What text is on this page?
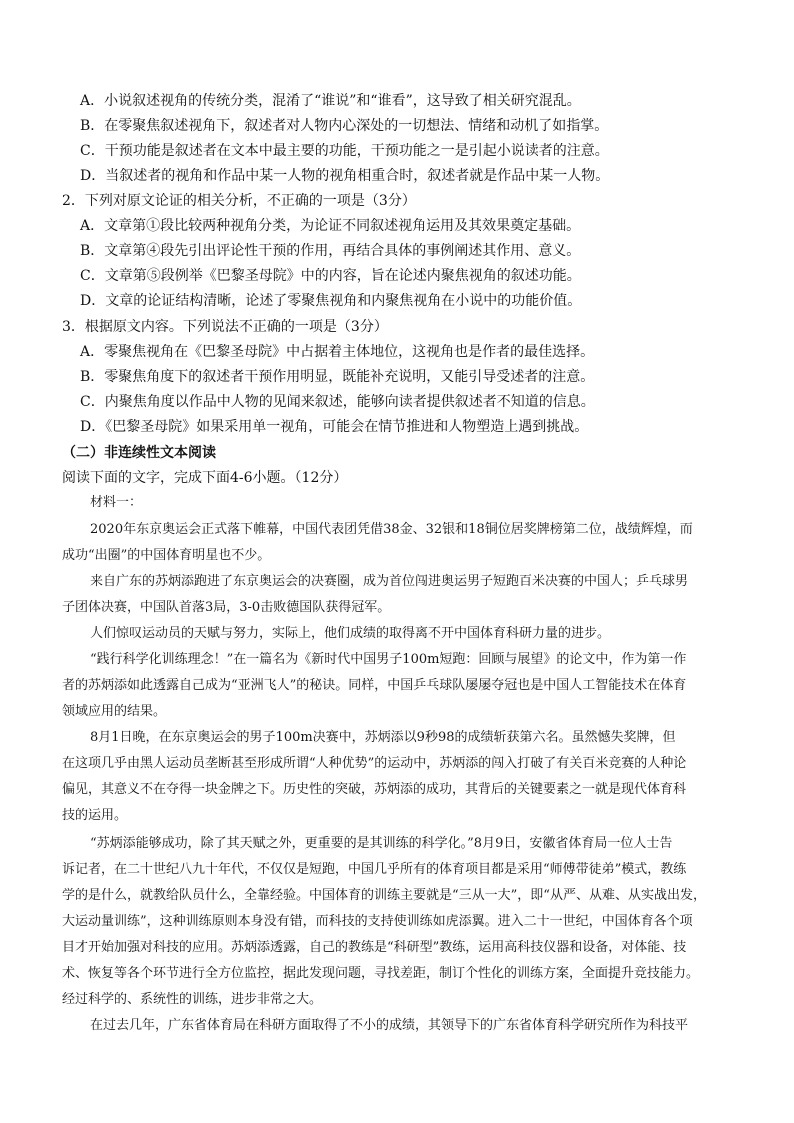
A．小说叙述视角的传统分类，混淆了“谁说”和“谁看”，这导致了相关研究混乱。
B．在零聚焦叙述视角下，叙述者对人物内心深处的一切想法、情绪和动机了如指掌。
C．干预功能是叙述者在文本中最主要的功能，干预功能之一是引起小说读者的注意。
D．当叙述者的视角和作品中某一人物的视角相重合时，叙述者就是作品中某一人物。
2．下列对原文论证的相关分析，不正确的一项是（3分）
A．文章第①段比较两种视角分类，为论证不同叙述视角运用及其效果奠定基础。
B．文章第④段先引出评论性干预的作用，再结合具体的事例阐述其作用、意义。
C．文章第⑤段例举《巴黎圣母院》中的内容，旨在论述内聚焦视角的叙述功能。
D．文章的论证结构清晰，论述了零聚焦视角和内聚焦视角在小说中的功能价值。
3．根据原文内容。下列说法不正确的一项是（3分）
A．零聚焦视角在《巴黎圣母院》中占据着主体地位，这视角也是作者的最佳选择。
B．零聚焦角度下的叙述者干预作用明显，既能补充说明，又能引导受述者的注意。
C．内聚焦角度以作品中人物的见闻来叙述，能够向读者提供叙述者不知道的信息。
D．《巴黎圣母院》如果采用单一视角，可能会在情节推进和人物塑造上遇到挑战。
（二）非连续性文本阅读
阅读下面的文字，完成下面4-6小题。（12分）
材料一：
2020年东京奥运会正式落下帷幕，中国代表团凭借38金、32银和18铜位居奖牌榜第二位，战绩辉煌，而
成功“出圈”的中国体育明星也不少。
来自广东的苏炳添跑进了东京奥运会的决赛圈，成为首位闯进奥运男子短跑百米决赛的中国人；乒乓球男
子团体决赛，中国队首落3局，3-0击败德国队获得冠军。
人们惊叹运动员的天赋与努力，实际上，他们成绩的取得离不开中国体育科研力量的进步。
“践行科学化训练理念！”在一篇名为《新时代中国男子100m短跑：回顾与展望》的论文中，作为第一作
者的苏炳添如此透露自己成为“亚洲飞人”的秘诀。同样，中国乒乓球队屡屡夺冠也是中国人工智能技术在体育
领域应用的结果。
8月1日晚，在东京奥运会的男子100m决赛中，苏炳添以9秒98的成绩斩获第六名。虽然憾失奖牌，但
在这项几乎由黑人运动员垄断甚至形成所谓“人种优势”的运动中，苏炳添的闯入打破了有关百米竞赛的人种论
偏见，其意义不在夺得一块金牌之下。历史性的突破，苏炳添的成功，其背后的关键要素之一就是现代体育科
技的运用。
“苏炳添能够成功，除了其天赋之外，更重要的是其训练的科学化。”8月9日，安徽省体育局一位人士告
诉记者，在二十世纪八九十年代，不仅仅是短跑，中国几乎所有的体育项目都是采用“师傅带徒弟”模式，教练
学的是什么，就教给队员什么，全靠经验。中国体育的训练主要就是“三从一大”，即“从严、从难、从实战出发，
大运动量训练”，这种训练原则本身没有错，而科技的支持使训练如虎添翼。进入二十一世纪，中国体育各个项
目才开始加强对科技的应用。苏炳添透露，自己的教练是“科研型”教练，运用高科技仪器和设备，对体能、技
术、恢复等各个环节进行全方位监控，据此发现问题，寻找差距，制订个性化的训练方案，全面提升竞技能力。
经过科学的、系统性的训练，进步非常之大。
在过去几年，广东省体育局在科研方面取得了不小的成绩，其领导下的广东省体育科学研究所作为科技平
